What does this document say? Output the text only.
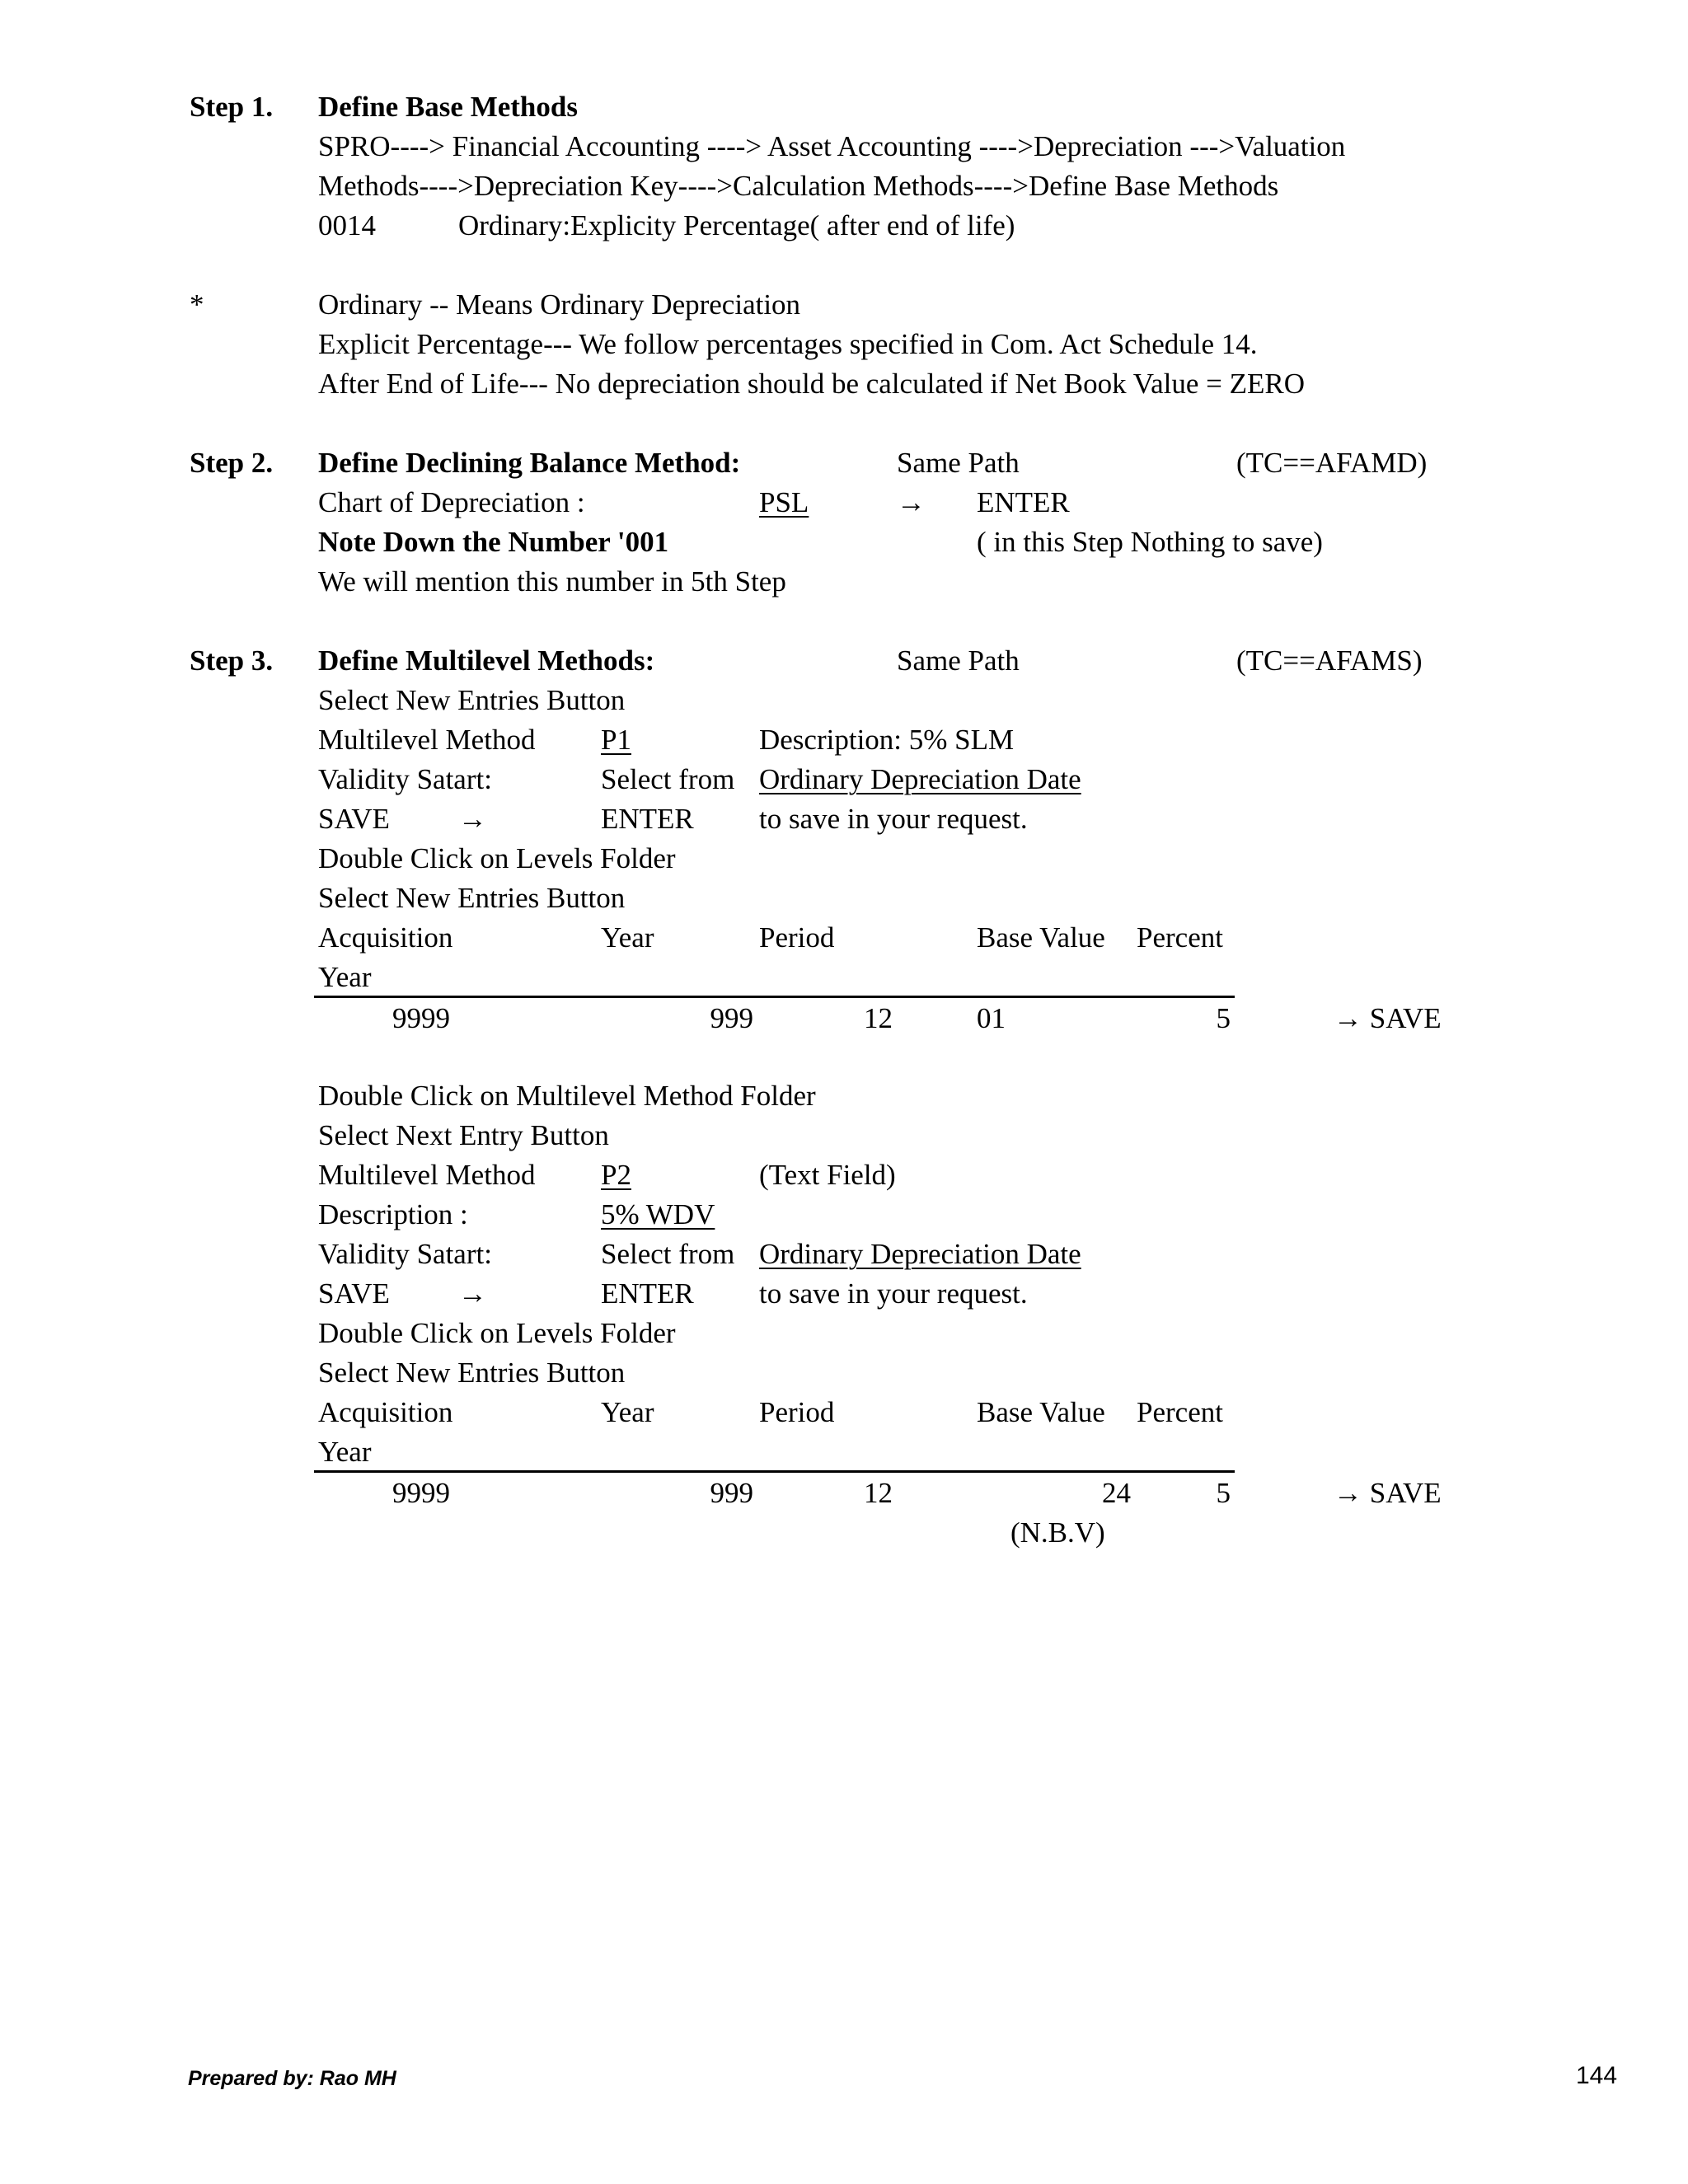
Step 1. Define Base Methods
SPRO----> Financial Accounting ----> Asset Accounting ---->Depreciation --->Valuation
Methods---->Depreciation Key---->Calculation Methods---->Define Base Methods
0014	Ordinary:Explicity Percentage( after end of life)
*	Ordinary -- Means Ordinary Depreciation
Explicit Percentage--- We follow percentages specified in Com. Act Schedule 14.
After End of Life--- No depreciation should be calculated if Net Book Value = ZERO
Step 2. Define Declining Balance Method:	Same Path	(TC==AFAMD)
Chart of Depreciation :	PSL	→ ENTER
Note Down the Number '001	( in this Step Nothing to save)
We will mention this number in 5th Step
Step 3. Define Multilevel Methods:	Same Path	(TC==AFAMS)
Select New Entries Button
Multilevel Method P1	Description: 5% SLM
Validity Satart:	Select from Ordinary Depreciation Date
SAVE →	ENTER to save in your request.
Double Click on Levels Folder
Select New Entries Button
Acquisition	Year	Period	Base Value Percent
Year
9999	999	12	01	5	→ SAVE
Double Click on Multilevel Method Folder
Select Next Entry Button
Multilevel Method P2	(Text Field)
Description :	5% WDV
Validity Satart:	Select from Ordinary Depreciation Date
SAVE →	ENTER to save in your request.
Double Click on Levels Folder
Select New Entries Button
Acquisition	Year	Period	Base Value Percent
Year
9999	999	12	24	5	→ SAVE
(N.B.V)
Prepared by: Rao MH	144
